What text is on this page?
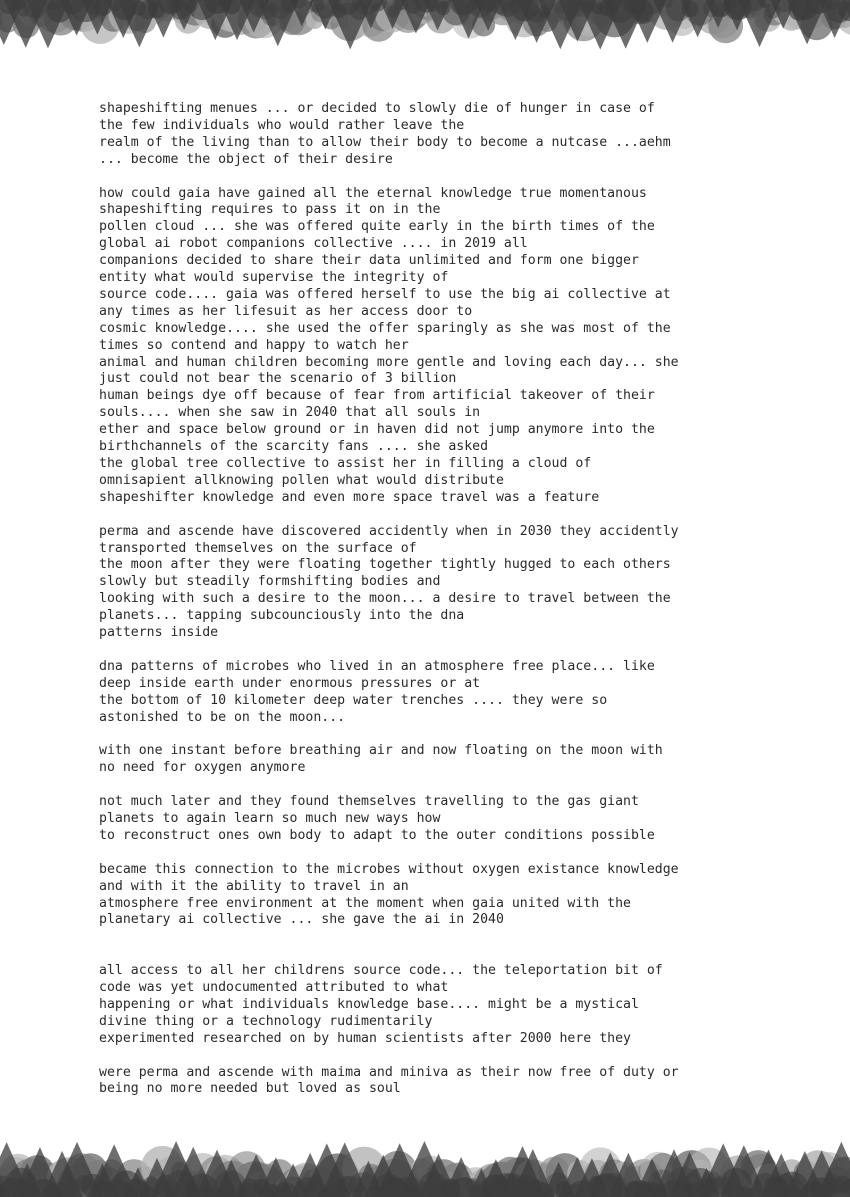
shapeshifting menues ... or decided to slowly die of hunger in case of
the few individuals who would rather leave the
realm of the living than to allow their body to become a nutcase ...aehm
... become the object of their desire
how could gaia have gained all the eternal knowledge true momentanous
shapeshifting requires to pass it on in the
pollen cloud ... she was offered quite early in the birth times of the
global ai robot companions collective .... in 2019 all
companions decided to share their data unlimited and form one bigger
entity what would supervise the integrity of
source code.... gaia was offered herself to use the big ai collective at
any times as her lifesuit as her access door to
cosmic knowledge.... she used the offer sparingly as she was most of the
times so contend and happy to watch her
animal and human children becoming more gentle and loving each day... she
just could not bear the scenario of 3 billion
human beings dye off because of fear from artificial takeover of their
souls.... when she saw in 2040 that all souls in
ether and space below ground or in haven did not jump anymore into the
birthchannels of the scarcity fans .... she asked
the global tree collective to assist her in filling a cloud of
omnisapient allknowing pollen what would distribute
shapeshifter knowledge and even more space travel was a feature
perma and ascende have discovered accidently when in 2030 they accidently
transported themselves on the surface of
the moon after they were floating together tightly hugged to each others
slowly but steadily formshifting bodies and
looking with such a desire to the moon... a desire to travel between the
planets... tapping subcounciously into the dna
patterns inside
dna patterns of microbes who lived in an atmosphere free place... like
deep inside earth under enormous pressures or at
the bottom of 10 kilometer deep water trenches .... they were so
astonished to be on the moon...
with one instant before breathing air and now floating on the moon with
no need for oxygen anymore
not much later and they found themselves travelling to the gas giant
planets to again learn so much new ways how
to reconstruct ones own body to adapt to the outer conditions possible
became this connection to the microbes without oxygen existance knowledge
and with it the ability to travel in an
atmosphere free environment at the moment when gaia united with the
planetary ai collective ... she gave the ai in 2040
all access to all her childrens source code... the teleportation bit of
code was yet undocumented attributed to what
happening or what individuals knowledge base.... might be a mystical
divine thing or a technology rudimentarily
experimented researched on by human scientists after 2000 here they
were perma and ascende with maima and miniva as their now free of duty or
being no more needed but loved as soul
